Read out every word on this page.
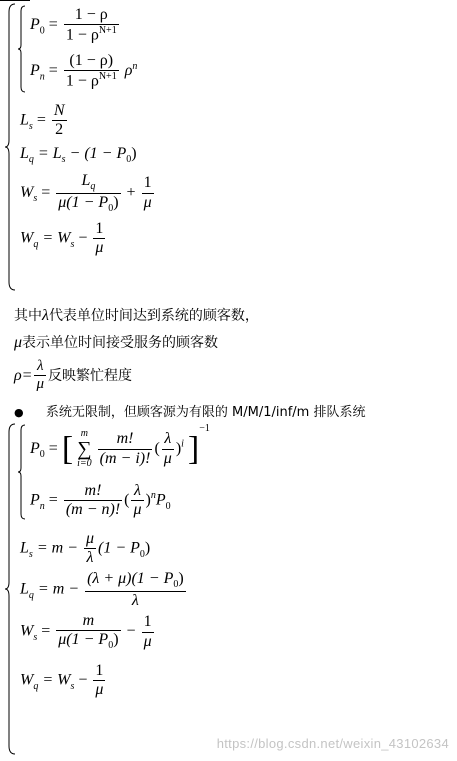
$P_0 = \frac{1 - \rho}{1 - \rho^{N+1}}$
$P_n = \frac{(1 - \rho)}{1 - \rho^{N+1}} \rho^n$
$L_s = \frac{N}{2}$
$L_q = L_s - (1 - P_0)$
$W_s = \frac{L_q}{\mu(1 - P_0)} + \frac{1}{\mu}$
$W_q = W_s - \frac{1}{\mu}$
其中λ代表单位时间达到系统的顾客数，
μ表示单位时间接受服务的顾客数
$\rho= \frac{\lambda}{\mu}$ 反映繁忙程度
● 系统无限制，但顾客源为有限的 M/M/1/inf/m 排队系统
$P_0$ = [ m
∑
i=0
$\frac{m!}{(m - i)!}$ ( $\frac{\lambda}{\mu} )^i$ ]$^{-1}$
$P_n = \frac{m!}{(m - n)!}$ ( $\frac{\lambda}{\mu} )^nP_0$
$L_s = m - \frac{\mu}{\lambda} (1 - P_0)$
$L_q = m - \frac{(\lambda + \mu)(1 - P_0)}{\lambda}$
$W_s = \frac{m}{\mu(1 - P_0)} - \frac{1}{\mu}$
$W_q = W_s - \frac{1}{\mu}$
https://blog.csdn.net/weixin_43102634
